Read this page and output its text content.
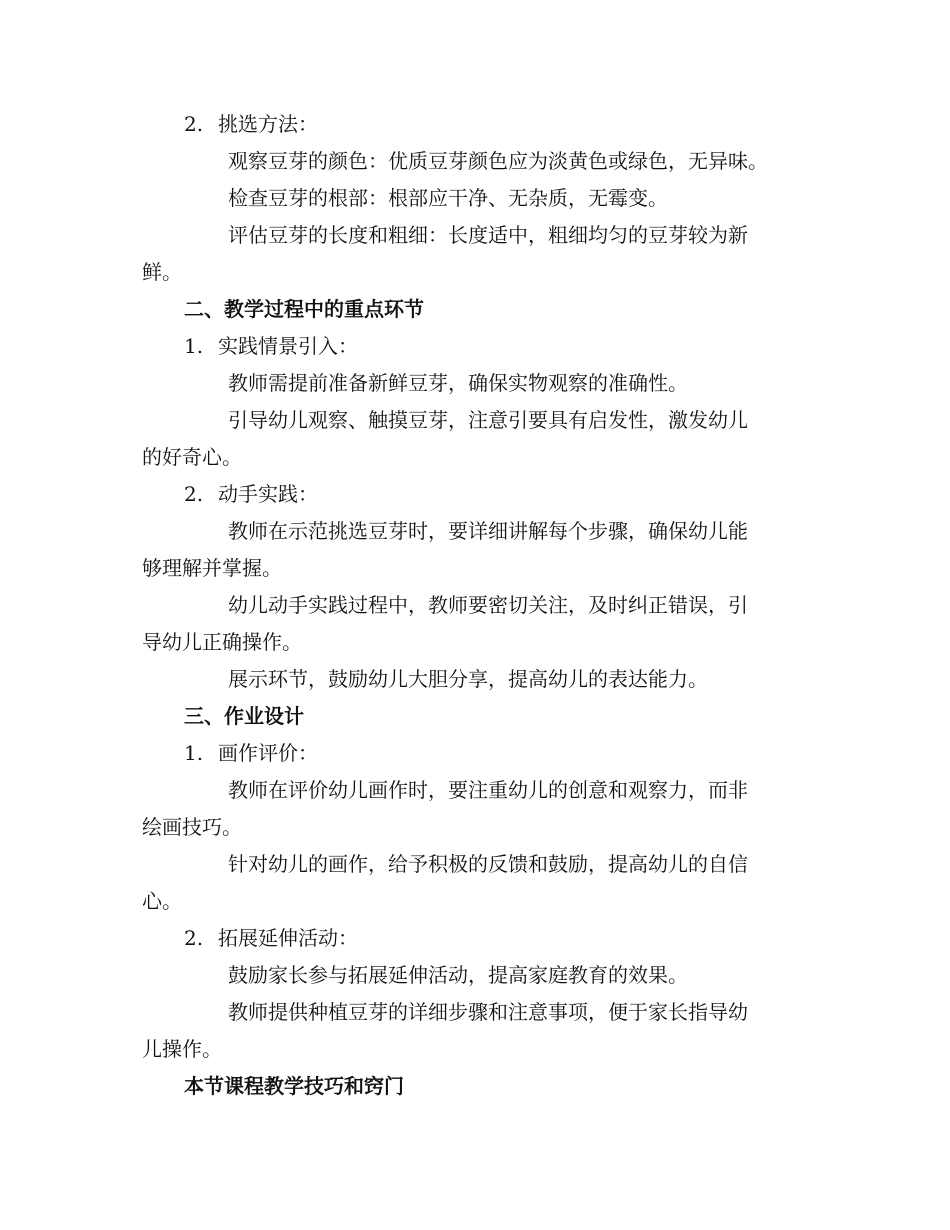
2. 挑选方法：
观察豆芽的颜色：优质豆芽颜色应为淡黄色或绿色，无异味。
检查豆芽的根部：根部应干净、无杂质，无霉变。
评估豆芽的长度和粗细：长度适中，粗细均匀的豆芽较为新
鲜。
二、教学过程中的重点环节
1. 实践情景引入：
教师需提前准备新鲜豆芽，确保实物观察的准确性。
引导幼儿观察、触摸豆芽，注意引要具有启发性，激发幼儿
的好奇心。
2. 动手实践：
教师在示范挑选豆芽时，要详细讲解每个步骤，确保幼儿能
够理解并掌握。
幼儿动手实践过程中，教师要密切关注，及时纠正错误，引
导幼儿正确操作。
展示环节，鼓励幼儿大胆分享，提高幼儿的表达能力。
三、作业设计
1. 画作评价：
教师在评价幼儿画作时，要注重幼儿的创意和观察力，而非
绘画技巧。
针对幼儿的画作，给予积极的反馈和鼓励，提高幼儿的自信
心。
2. 拓展延伸活动：
鼓励家长参与拓展延伸活动，提高家庭教育的效果。
教师提供种植豆芽的详细步骤和注意事项，便于家长指导幼
儿操作。
本节课程教学技巧和窍门
